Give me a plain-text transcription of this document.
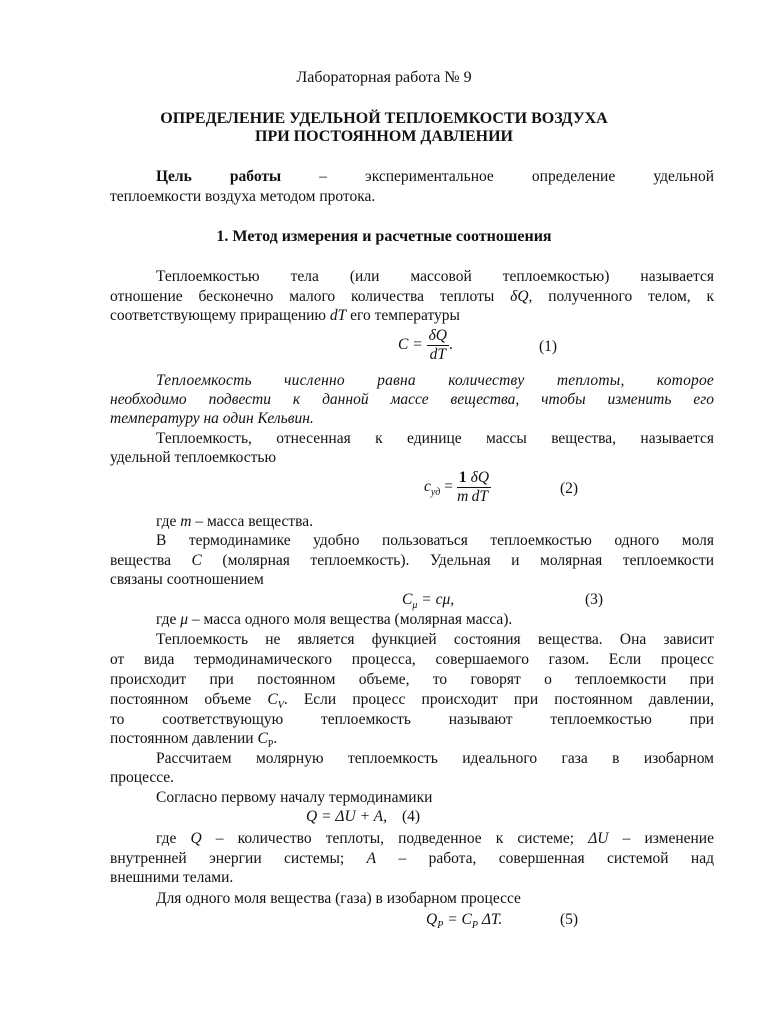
Лабораторная работа № 9
ОПРЕДЕЛЕНИЕ УДЕЛЬНОЙ ТЕПЛОЕМКОСТИ ВОЗДУХА
ПРИ ПОСТОЯННОМ ДАВЛЕНИИ
Цель работы – экспериментальное определение удельной
теплоемкости воздуха методом протока.
1. Метод измерения и расчетные соотношения
Теплоемкостью тела (или массовой теплоемкостью) называется
отношение бесконечно малого количества теплоты δQ, полученного телом, к
соответствующему приращению dT его температуры
$C = \frac{\delta Q}{dT}$ .	(1)
Теплоемкость численно равна количеству теплоты, которое
необходимо подвести к данной массе вещества, чтобы изменить его
температуру на один Кельвин.
Теплоемкость, отнесенная к единице массы вещества, называется
удельной теплоемкостью
$c_{уд} = \frac{1}{m} \frac{\delta Q}{dT}$	(2)
где m – масса вещества.
В термодинамике удобно пользоваться теплоемкостью одного моля
вещества C (молярная теплоемкость). Удельная и молярная теплоемкости
связаны соотношением
$C_\mu = c\mu$,	(3)
где μ – масса одного моля вещества (молярная масса).
Теплоемкость не является функцией состояния вещества. Она зависит
от вида термодинамического процесса, совершаемого газом. Если процесс
происходит при постоянном объеме, то говорят о теплоемкости при
постоянном объеме $C_V$. Если процесс происходит при постоянном давлении,
то соответствующую теплоемкость называют теплоемкостью при
постоянном давлении $C_P$.
Рассчитаем молярную теплоемкость идеального газа в изобарном
процессе.
Согласно первому началу термодинамики
Q = ΔU + A, (4)
где Q – количество теплоты, подведенное к системе; ΔU – изменение
внутренней энергии системы; A – работа, совершенная системой над
внешними телами.
Для одного моля вещества (газа) в изобарном процессе
$Q_P = C_P$ ΔT.	(5)
